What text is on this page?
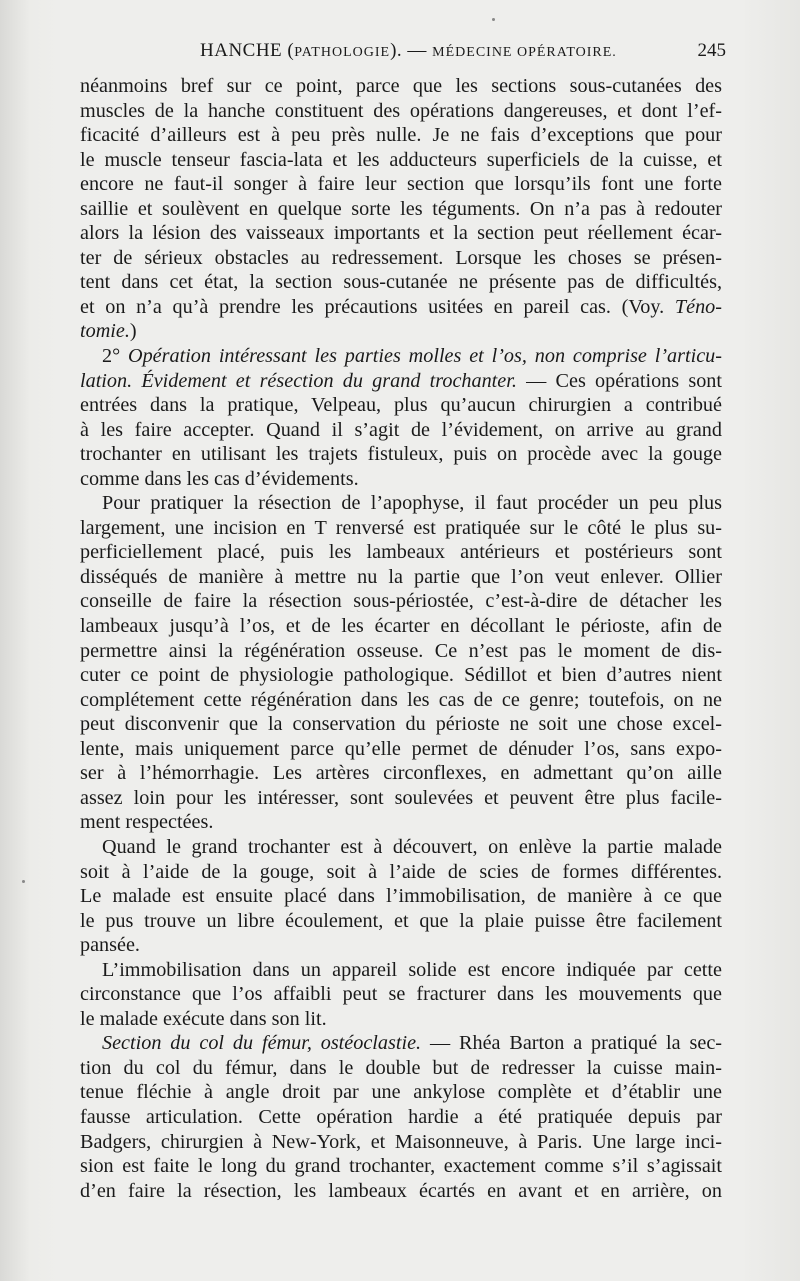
HANCHE (PATHOLOGIE). — MÉDECINE OPÉRATOIRE.	245
néanmoins bref sur ce point, parce que les sections sous-cutanées des
muscles de la hanche constituent des opérations dangereuses, et dont l’ef-
ficacité d’ailleurs est à peu près nulle. Je ne fais d’exceptions que pour
le muscle tenseur fascia-lata et les adducteurs superficiels de la cuisse, et
encore ne faut-il songer à faire leur section que lorsqu’ils font une forte
saillie et soulèvent en quelque sorte les téguments. On n’a pas à redouter
alors la lésion des vaisseaux importants et la section peut réellement écar-
ter de sérieux obstacles au redressement. Lorsque les choses se présen-
tent dans cet état, la section sous-cutanée ne présente pas de difficultés,
et on n’a qu’à prendre les précautions usitées en pareil cas. (Voy. Téno-
tomie.)
2° Opération intéressant les parties molles et l’os, non comprise l’articu-
lation. Évidement et résection du grand trochanter. — Ces opérations sont
entrées dans la pratique, Velpeau, plus qu’aucun chirurgien a contribué
à les faire accepter. Quand il s’agit de l’évidement, on arrive au grand
trochanter en utilisant les trajets fistuleux, puis on procède avec la gouge
comme dans les cas d’évidements.
Pour pratiquer la résection de l’apophyse, il faut procéder un peu plus
largement, une incision en T renversé est pratiquée sur le côté le plus su-
perficiellement placé, puis les lambeaux antérieurs et postérieurs sont
disséqués de manière à mettre nu la partie que l’on veut enlever. Ollier
conseille de faire la résection sous-périostée, c’est-à-dire de détacher les
lambeaux jusqu’à l’os, et de les écarter en décollant le périoste, afin de
permettre ainsi la régénération osseuse. Ce n’est pas le moment de dis-
cuter ce point de physiologie pathologique. Sédillot et bien d’autres nient
complétement cette régénération dans les cas de ce genre; toutefois, on ne
peut disconvenir que la conservation du périoste ne soit une chose excel-
lente, mais uniquement parce qu’elle permet de dénuder l’os, sans expo-
ser à l’hémorrhagie. Les artères circonflexes, en admettant qu’on aille
assez loin pour les intéresser, sont soulevées et peuvent être plus facile-
ment respectées.
Quand le grand trochanter est à découvert, on enlève la partie malade
soit à l’aide de la gouge, soit à l’aide de scies de formes différentes.
Le malade est ensuite placé dans l’immobilisation, de manière à ce que
le pus trouve un libre écoulement, et que la plaie puisse être facilement
pansée.
L’immobilisation dans un appareil solide est encore indiquée par cette
circonstance que l’os affaibli peut se fracturer dans les mouvements que
le malade exécute dans son lit.
Section du col du fémur, ostéoclastie. — Rhéa Barton a pratiqué la sec-
tion du col du fémur, dans le double but de redresser la cuisse main-
tenue fléchie à angle droit par une ankylose complète et d’établir une
fausse articulation. Cette opération hardie a été pratiquée depuis par
Badgers, chirurgien à New-York, et Maisonneuve, à Paris. Une large inci-
sion est faite le long du grand trochanter, exactement comme s’il s’agissait
d’en faire la résection, les lambeaux écartés en avant et en arrière, on
